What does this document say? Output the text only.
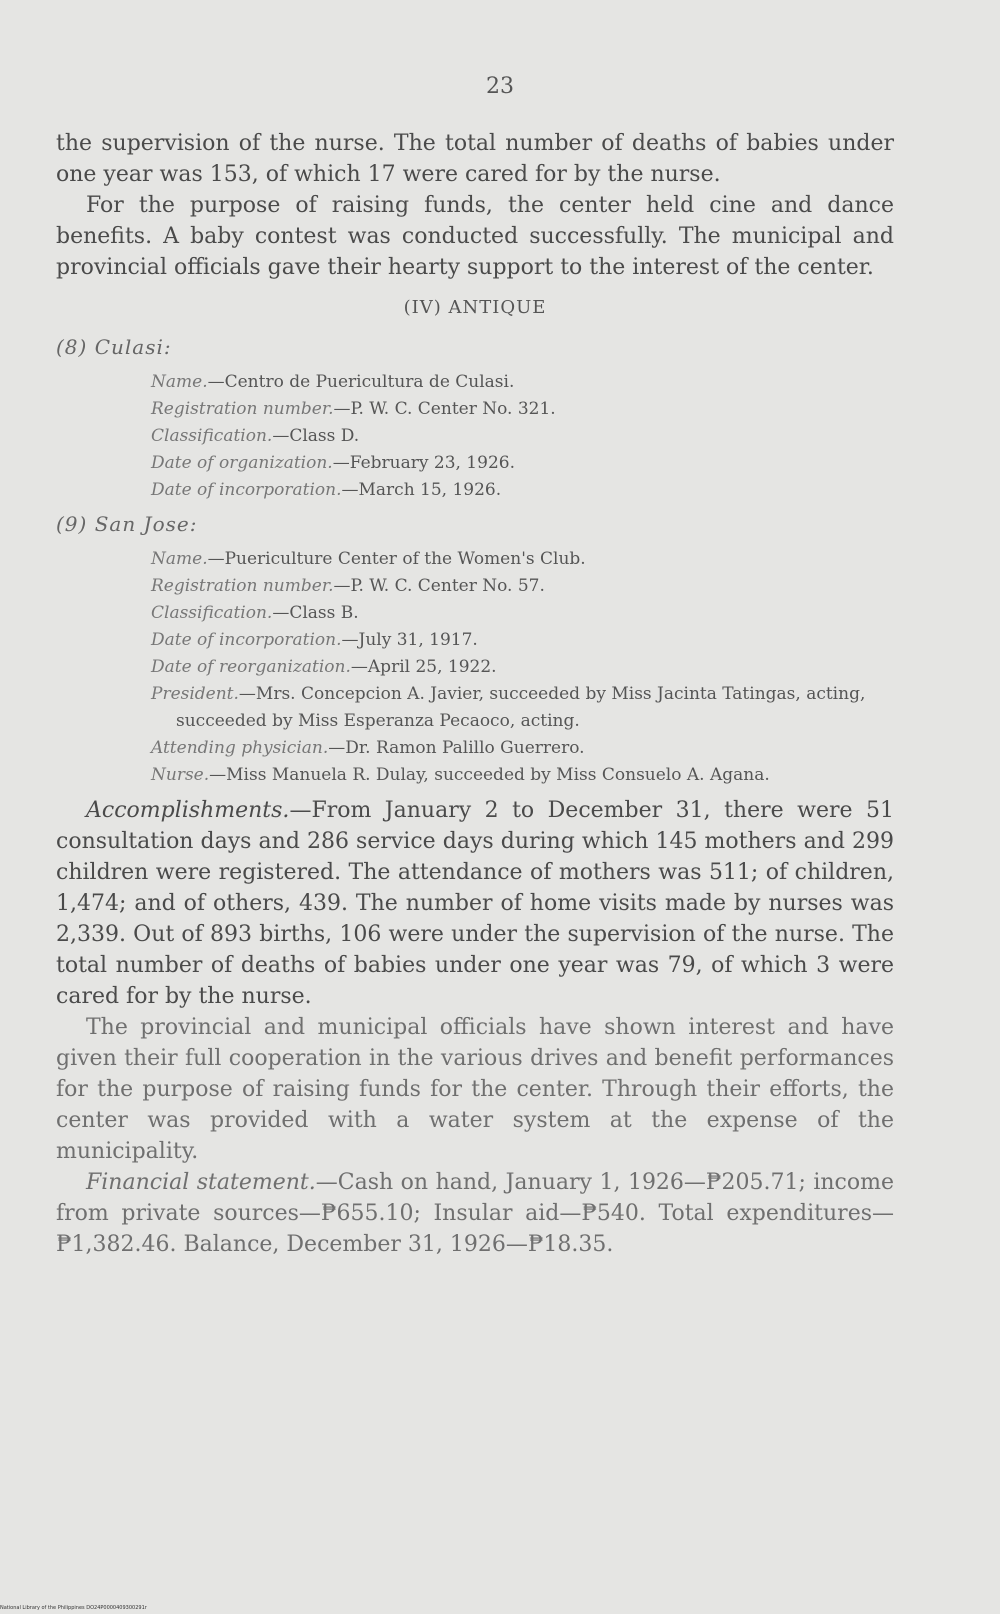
23

the supervision of the nurse. The total number of deaths of babies under one year was 153, of which 17 were cared for by the nurse.

For the purpose of raising funds, the center held cine and dance benefits. A baby contest was conducted successfully. The municipal and provincial officials gave their hearty support to the interest of the center.

(IV) ANTIQUE
(8) Culasi:

Name.—Centro de Puericultura de Culasi.

Registration number.—P. W. C. Center No. 321.

Classification.—Class D.

Date of organization.—February 23, 1926.

Date of incorporation.—March 15, 1926.

(9) San Jose:

Name.—Puericulture Center of the Women's Club.

Registration number.—P. W. C. Center No. 57.

Classification.—Class B.

Date of incorporation.—July 31, 1917.

Date of reorganization.—April 25, 1922.

President.—Mrs. Concepcion A. Javier, succeeded by Miss Jacinta Tatingas, acting, succeeded by Miss Esperanza Pecaoco, acting.

Attending physician.—Dr. Ramon Palillo Guerrero.

Nurse.—Miss Manuela R. Dulay, succeeded by Miss Consuelo A. Agana.

Accomplishments.—From January 2 to December 31, there were 51 consultation days and 286 service days during which 145 mothers and 299 children were registered. The attendance of mothers was 511; of children, 1,474; and of others, 439. The number of home visits made by nurses was 2,339. Out of 893 births, 106 were under the supervision of the nurse. The total number of deaths of babies under one year was 79, of which 3 were cared for by the nurse.

The provincial and municipal officials have shown interest and have given their full cooperation in the various drives and benefit performances for the purpose of raising funds for the center. Through their efforts, the center was provided with a water system at the expense of the municipality.

Financial statement.—Cash on hand, January 1, 1926—₱205.71; income from private sources—₱655.10; Insular aid—₱540. Total expenditures—₱1,382.46. Balance, December 31, 1926—₱18.35.

National Library of the Philippines DO24P0000409300291r
